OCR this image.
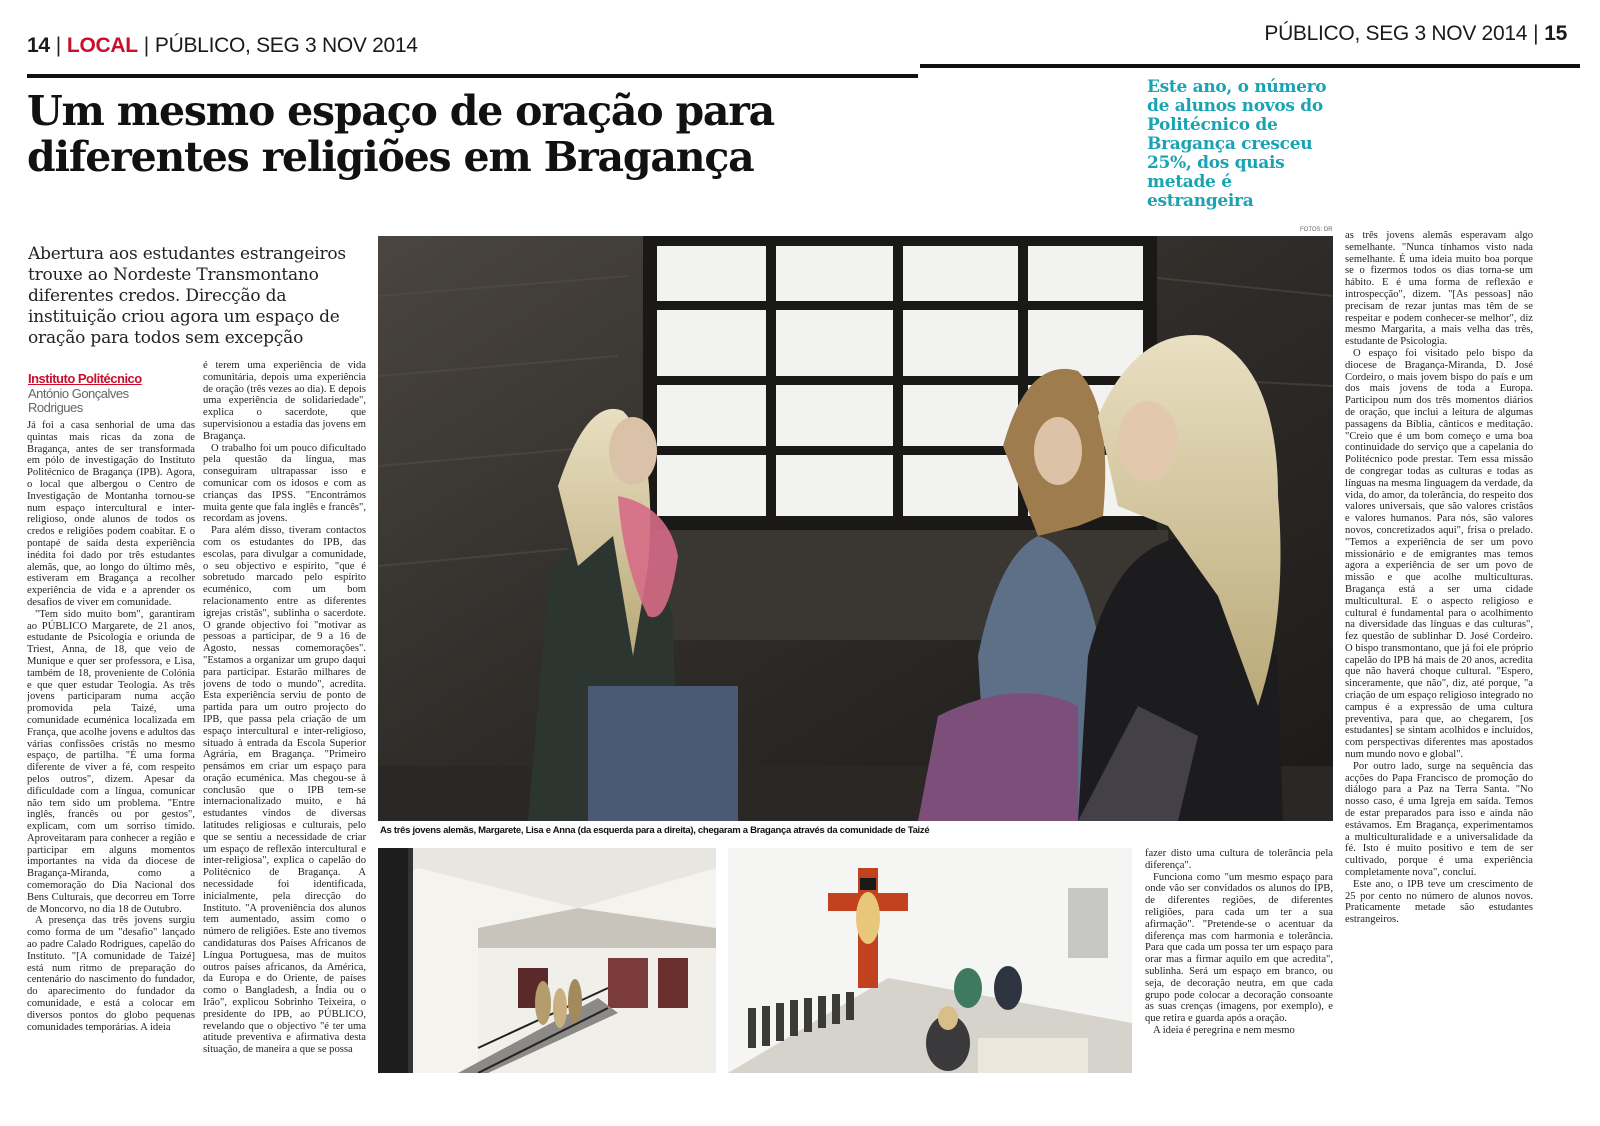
14 | LOCAL | PÚBLICO, SEG 3 NOV 2014
PÚBLICO, SEG 3 NOV 2014 | 15
Um mesmo espaço de oração para
diferentes religiões em Bragança
Este ano, o número de alunos novos do Politécnico de Bragança cresceu 25%, dos quais metade é estrangeira
Abertura aos estudantes estrangeiros trouxe ao Nordeste Transmontano diferentes credos. Direcção da instituição criou agora um espaço de oração para todos sem excepção
Instituto Politécnico
António Gonçalves Rodrigues

Já foi a casa senhorial de uma das quintas mais ricas da zona de Bragança, antes de ser transformada em pólo de investigação do Instituto Politécnico de Bragança (IPB). Agora, o local que albergou o Centro de Investigação de Montanha tornou-se num espaço intercultural e inter-religioso, onde alunos de todos os credos e religiões podem coabitar. E o pontapé de saída desta experiência inédita foi dado por três estudantes alemãs, que, ao longo do último mês, estiveram em Bragança a recolher experiência de vida e a aprender os desafios de viver em comunidade.

"Tem sido muito bom", garantiram ao PÚBLICO Margarete, de 21 anos, estudante de Psicologia e oriunda de Triest, Anna, de 18, que veio de Munique e quer ser professora, e Lisa, também de 18, proveniente de Colónia e que quer estudar Teologia. As três jovens participaram numa acção promovida pela Taizé, uma comunidade ecuménica localizada em França, que acolhe jovens e adultos das várias confissões cristãs no mesmo espaço, de partilha. "É uma forma diferente de viver a fé, com respeito pelos outros", dizem. Apesar da dificuldade com a língua, comunicar não tem sido um problema. "Entre inglês, francês ou por gestos", explicam, com um sorriso tímido. Aproveitaram para conhecer a região e participar em alguns momentos importantes na vida da diocese de Bragança-Miranda, como a comemoração do Dia Nacional dos Bens Culturais, que decorreu em Torre de Moncorvo, no dia 18 de Outubro.

A presença das três jovens surgiu como forma de um "desafio" lançado ao padre Calado Rodrigues, capelão do Instituto. "[A comunidade de Taizé] está num ritmo de preparação do centenário do nascimento do fundador, do aparecimento do fundador da comunidade, e está a colocar em diversos pontos do globo pequenas comunidades temporárias. A ideia

é terem uma experiência de vida comunitária, depois uma experiência de oração (três vezes ao dia). E depois uma experiência de solidariedade", explica o sacerdote, que supervisionou a estadia das jovens em Bragança.

O trabalho foi um pouco dificultado pela questão da língua, mas conseguiram ultrapassar isso e comunicar com os idosos e com as crianças das IPSS. "Encontrámos muita gente que fala inglês e francês", recordam as jovens.

Para além disso, tiveram contactos com os estudantes do IPB, das escolas, para divulgar a comunidade, o seu objectivo e espírito, "que é sobretudo marcado pelo espírito ecuménico, com um bom relacionamento entre as diferentes igrejas cristãs", sublinha o sacerdote. O grande objectivo foi "motivar as pessoas a participar, de 9 a 16 de Agosto, nessas comemorações". "Estamos a organizar um grupo daqui para participar. Estarão milhares de jovens de todo o mundo", acredita. Esta experiência serviu de ponto de partida para um outro projecto do IPB, que passa pela criação de um espaço intercultural e inter-religioso, situado à entrada da Escola Superior Agrária, em Bragança. "Primeiro pensámos em criar um espaço para oração ecuménica. Mas chegou-se à conclusão que o IPB tem-se internacionalizado muito, e há estudantes vindos de diversas latitudes religiosas e culturais, pelo que se sentiu a necessidade de criar um espaço de reflexão intercultural e inter-religiosa", explica o capelão do Politécnico de Bragança. A necessidade foi identificada, inicialmente, pela direcção do Instituto. "A proveniência dos alunos tem aumentado, assim como o número de religiões. Este ano tivemos candidaturas dos Países Africanos de Língua Portuguesa, mas de muitos outros países africanos, da América, da Europa e do Oriente, de países como o Bangladesh, a Índia ou o Irão", explicou Sobrinho Teixeira, o presidente do IPB, ao PÚBLICO, revelando que o objectivo "é ter uma atitude preventiva e afirmativa desta situação, de maneira a que se possa

FOTOS: DR
As três jovens alemãs, Margarete, Lisa e Anna (da esquerda para a direita), chegaram a Bragança através da comunidade de Taizé

fazer disto uma cultura de tolerância pela diferença".

Funciona como "um mesmo espaço para onde vão ser convidados os alunos do IPB, de diferentes regiões, de diferentes religiões, para cada um ter a sua afirmação". "Pretende-se o acentuar da diferença mas com harmonia e tolerância. Para que cada um possa ter um espaço para orar mas a firmar aquilo em que acredita", sublinha. Será um espaço em branco, ou seja, de decoração neutra, em que cada grupo pode colocar a decoração consoante as suas crenças (imagens, por exemplo), e que retira e guarda após a oração.

A ideia é peregrina e nem mesmo

as três jovens alemãs esperavam algo semelhante. "Nunca tínhamos visto nada semelhante. É uma ideia muito boa porque se o fizermos todos os dias torna-se um hábito. E é uma forma de reflexão e introspecção", dizem. "[As pessoas] não precisam de rezar juntas mas têm de se respeitar e podem conhecer-se melhor", diz mesmo Margarita, a mais velha das três, estudante de Psicologia.

O espaço foi visitado pelo bispo da diocese de Bragança-Miranda, D. José Cordeiro, o mais jovem bispo do país e um dos mais jovens de toda a Europa. Participou num dos três momentos diários de oração, que inclui a leitura de algumas passagens da Bíblia, cânticos e meditação. "Creio que é um bom começo e uma boa continuidade do serviço que a capelania do Politécnico pode prestar. Tem essa missão de congregar todas as culturas e todas as línguas na mesma linguagem da verdade, da vida, do amor, da tolerância, do respeito dos valores universais, que são valores cristãos e valores humanos. Para nós, são valores novos, concretizados aqui", frisa o prelado. "Temos a experiência de ser um povo missionário e de emigrantes mas temos agora a experiência de ser um povo de missão e que acolhe multiculturas. Bragança está a ser uma cidade multicultural. E o aspecto religioso e cultural é fundamental para o acolhimento na diversidade das línguas e das culturas", fez questão de sublinhar D. José Cordeiro. O bispo transmontano, que já foi ele próprio capelão do IPB há mais de 20 anos, acredita que não haverá choque cultural. "Espero, sinceramente, que não", diz, até porque, "a criação de um espaço religioso integrado no campus é a expressão de uma cultura preventiva, para que, ao chegarem, [os estudantes] se sintam acolhidos e incluídos, com perspectivas diferentes mas apostados num mundo novo e global".

Por outro lado, surge na sequência das acções do Papa Francisco de promoção do diálogo para a Paz na Terra Santa. "No nosso caso, é uma Igreja em saída. Temos de estar preparados para isso e ainda não estávamos. Em Bragança, experimentamos a multiculturalidade e a universalidade da fé. Isto é muito positivo e tem de ser cultivado, porque é uma experiência completamente nova", concluí.

Este ano, o IPB teve um crescimento de 25 por cento no número de alunos novos. Praticamente metade são estudantes estrangeiros.
